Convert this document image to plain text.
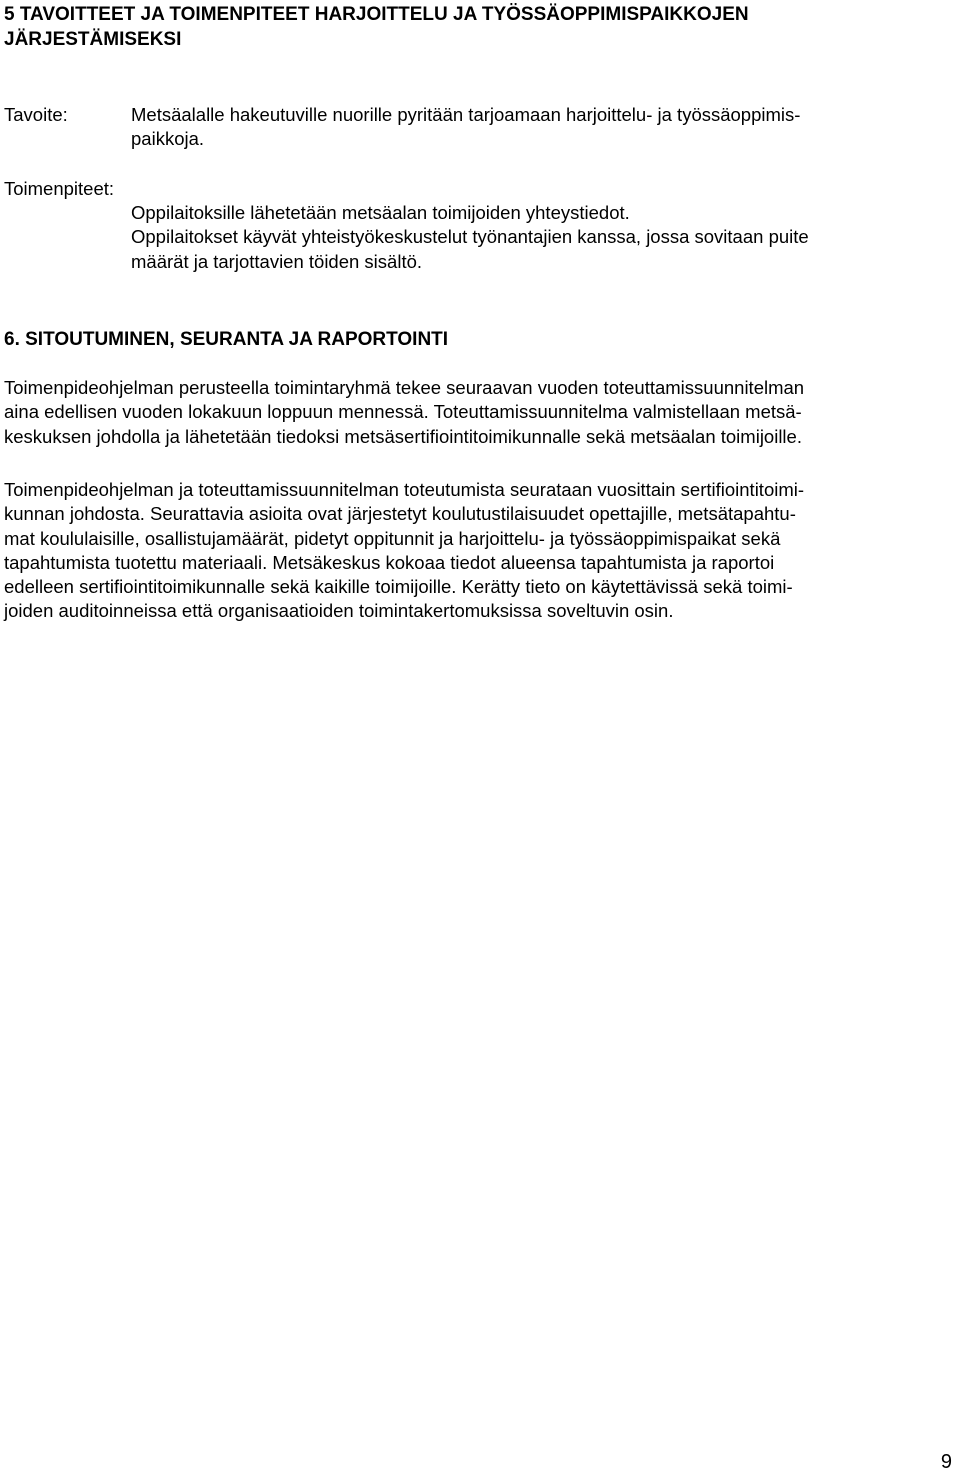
5 TAVOITTEET JA TOIMENPITEET HARJOITTELU JA TYÖSSÄOPPIMISPAIKKOJEN
JÄRJESTÄMISEKSI
Tavoite:	Metsäalalle hakeutuville nuorille pyritään tarjoamaan harjoittelu- ja työssäoppimis-
paikkoja.
Toimenpiteet:
Oppilaitoksille lähetetään metsäalan toimijoiden yhteystiedot.
Oppilaitokset käyvät yhteistyökeskustelut työnantajien kanssa, jossa sovitaan puite
määrät ja tarjottavien töiden sisältö.
6. SITOUTUMINEN, SEURANTA JA RAPORTOINTI
Toimenpideohjelman perusteella toimintaryhmä tekee seuraavan vuoden toteuttamissuunnitelman
aina edellisen vuoden lokakuun loppuun mennessä. Toteuttamissuunnitelma valmistellaan metsä-
keskuksen johdolla ja lähetetään tiedoksi metsäsertifiointitoimikunnalle sekä metsäalan toimijoille.
Toimenpideohjelman ja toteuttamissuunnitelman toteutumista seurataan vuosittain sertifiointitoimi-
kunnan johdosta. Seurattavia asioita ovat järjestetyt koulutustilaisuudet opettajille, metsätapahtu-
mat koululaisille, osallistujamäärät, pidetyt oppitunnit ja harjoittelu- ja työssäoppimispaikat sekä
tapahtumista tuotettu materiaali. Metsäkeskus kokoaa tiedot alueensa tapahtumista ja raportoi
edelleen sertifiointitoimikunnalle sekä kaikille toimijoille. Kerätty tieto on käytettävissä sekä toimi-
joiden auditoinneissa että organisaatioiden toimintakertomuksissa soveltuvin osin.
9
